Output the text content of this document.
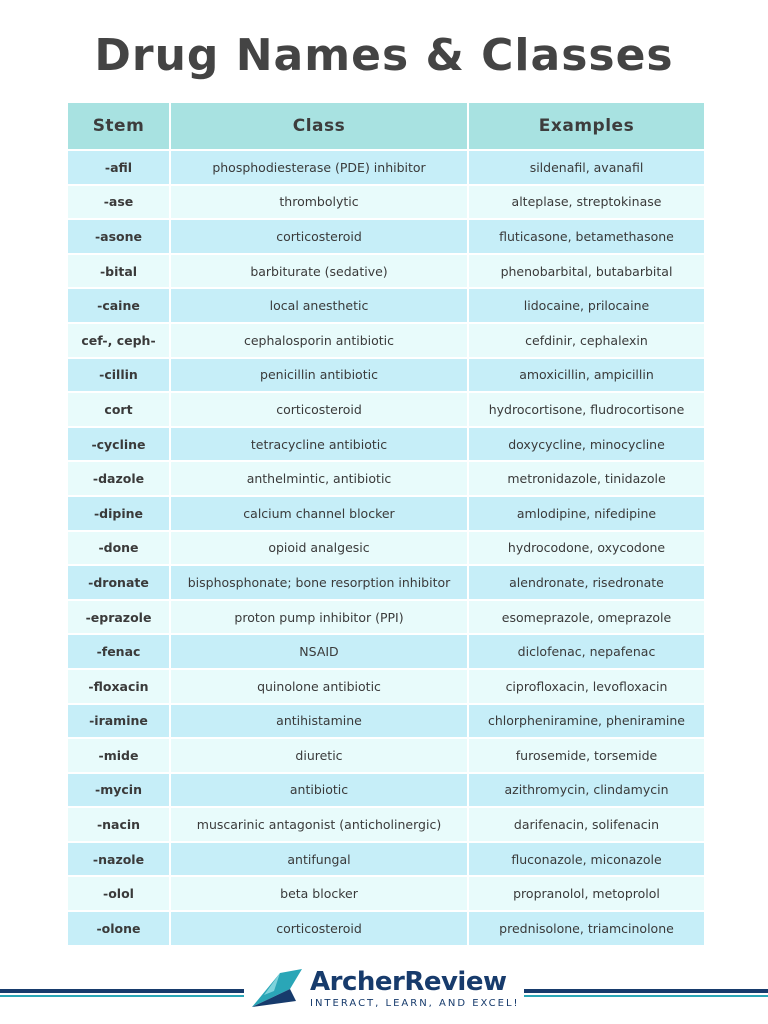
Drug Names & Classes
Stem	Class	Examples
-afil	phosphodiesterase (PDE) inhibitor	sildenafil, avanafil
-ase	thrombolytic	alteplase, streptokinase
-asone	corticosteroid	fluticasone, betamethasone
-bital	barbiturate (sedative)	phenobarbital, butabarbital
-caine	local anesthetic	lidocaine, prilocaine
cef-, ceph-	cephalosporin antibiotic	cefdinir, cephalexin
-cillin	penicillin antibiotic	amoxicillin, ampicillin
cort	corticosteroid	hydrocortisone, fludrocortisone
-cycline	tetracycline antibiotic	doxycycline, minocycline
-dazole	anthelmintic, antibiotic	metronidazole, tinidazole
-dipine	calcium channel blocker	amlodipine, nifedipine
-done	opioid analgesic	hydrocodone, oxycodone
-dronate	bisphosphonate; bone resorption inhibitor	alendronate, risedronate
-eprazole	proton pump inhibitor (PPI)	esomeprazole, omeprazole
-fenac	NSAID	diclofenac, nepafenac
-floxacin	quinolone antibiotic	ciprofloxacin, levofloxacin
-iramine	antihistamine	chlorpheniramine, pheniramine
-mide	diuretic	furosemide, torsemide
-mycin	antibiotic	azithromycin, clindamycin
-nacin	muscarinic antagonist (anticholinergic)	darifenacin, solifenacin
-nazole	antifungal	fluconazole, miconazole
-olol	beta blocker	propranolol, metoprolol
-olone	corticosteroid	prednisolone, triamcinolone
ArcherReview
INTERACT, LEARN, AND EXCEL!
